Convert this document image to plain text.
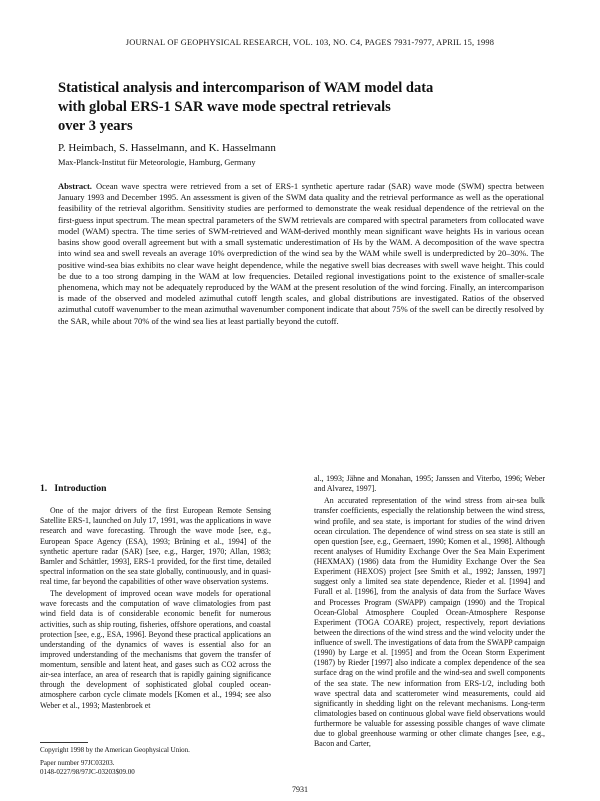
JOURNAL OF GEOPHYSICAL RESEARCH, VOL. 103, NO. C4, PAGES 7931-7977, APRIL 15, 1998
Statistical analysis and intercomparison of WAM model data
with global ERS-1 SAR wave mode spectral retrievals
over 3 years
P. Heimbach, S. Hasselmann, and K. Hasselmann
Max-Planck-Institut für Meteorologie, Hamburg, Germany
Abstract. Ocean wave spectra were retrieved from a set of ERS-1 synthetic aperture radar (SAR) wave mode (SWM) spectra between January 1993 and December 1995. An assessment is given of the SWM data quality and the retrieval performance as well as the operational feasibility of the retrieval algorithm. Sensitivity studies are performed to demonstrate the weak residual dependence of the retrieval on the first-guess input spectrum. The mean spectral parameters of the SWM retrievals are compared with spectral parameters from collocated wave model (WAM) spectra. The time series of SWM-retrieved and WAM-derived monthly mean significant wave heights Hs in various ocean basins show good overall agreement but with a small systematic underestimation of Hs by the WAM. A decomposition of the wave spectra into wind sea and swell reveals an average 10% overprediction of the wind sea by the WAM while swell is underpredicted by 20–30%. The positive wind-sea bias exhibits no clear wave height dependence, while the negative swell bias decreases with swell wave height. This could be due to a too strong damping in the WAM at low frequencies. Detailed regional investigations point to the existence of smaller-scale phenomena, which may not be adequately reproduced by the WAM at the present resolution of the wind forcing. Finally, an intercomparison is made of the observed and modeled azimuthal cutoff length scales, and global distributions are investigated. Ratios of the observed azimuthal cutoff wavenumber to the mean azimuthal wavenumber component indicate that about 75% of the swell can be directly resolved by the SAR, while about 70% of the wind sea lies at least partially beyond the cutoff.
1. Introduction

One of the major drivers of the first European Remote Sensing Satellite ERS-1, launched on July 17, 1991, was the applications in wave research and wave forecasting. Through the wave mode [see, e.g., European Space Agency (ESA), 1993; Brüning et al., 1994] of the synthetic aperture radar (SAR) [see, e.g., Harger, 1970; Allan, 1983; Bamler and Schättler, 1993], ERS-1 provided, for the first time, detailed spectral information on the sea state globally, continuously, and in quasi-real time, far beyond the capabilities of other wave observation systems.

The development of improved ocean wave models for operational wave forecasts and the computation of wave climatologies from past wind field data is of considerable economic benefit for numerous activities, such as ship routing, fisheries, offshore operations, and coastal protection [see, e.g., ESA, 1996]. Beyond these practical applications an understanding of the dynamics of waves is essential also for an improved understanding of the mechanisms that govern the transfer of momentum, sensible and latent heat, and gases such as CO2 across the air-sea interface, an area of research that is rapidly gaining significance through the development of sophisticated global coupled ocean-atmosphere carbon cycle climate models [Komen et al., 1994; see also Weber et al., 1993; Mastenbroek et

al., 1993; Jähne and Monahan, 1995; Janssen and Viterbo, 1996; Weber and Alvarez, 1997].

An accurated representation of the wind stress from air-sea bulk transfer coefficients, especially the relationship between the wind stress, wind profile, and sea state, is important for studies of the wind driven ocean circulation. The dependence of wind stress on sea state is still an open question [see, e.g., Geernaert, 1990; Komen et al., 1998]. Although recent analyses of Humidity Exchange Over the Sea Main Experiment (HEXMAX) (1986) data from the Humidity Exchange Over the Sea Experiment (HEXOS) project [see Smith et al., 1992; Janssen, 1997] suggest only a limited sea state dependence, Rieder et al. [1994] and Furall et al. [1996], from the analysis of data from the Surface Waves and Processes Program (SWAPP) campaign (1990) and the Tropical Ocean-Global Atmosphere Coupled Ocean-Atmosphere Response Experiment (TOGA COARE) project, respectively, report deviations between the directions of the wind stress and the wind velocity under the influence of swell. The investigations of data from the SWAPP campaign (1990) by Large et al. [1995] and from the Ocean Storm Experiment (1987) by Rieder [1997] also indicate a complex dependence of the sea surface drag on the wind profile and the wind-sea and swell components of the sea state. The new information from ERS-1/2, including both wave spectral data and scatterometer wind measurements, could aid significantly in shedding light on the relevant mechanisms. Long-term climatologies based on continuous global wave field observations would furthermore be valuable for assessing possible changes of wave climate due to global greenhouse warming or other climate changes [see, e.g., Bacon and Carter,

Copyright 1998 by the American Geophysical Union.
Paper number 97JC03203.
0148-0227/98/97JC-03203$09.00
7931
